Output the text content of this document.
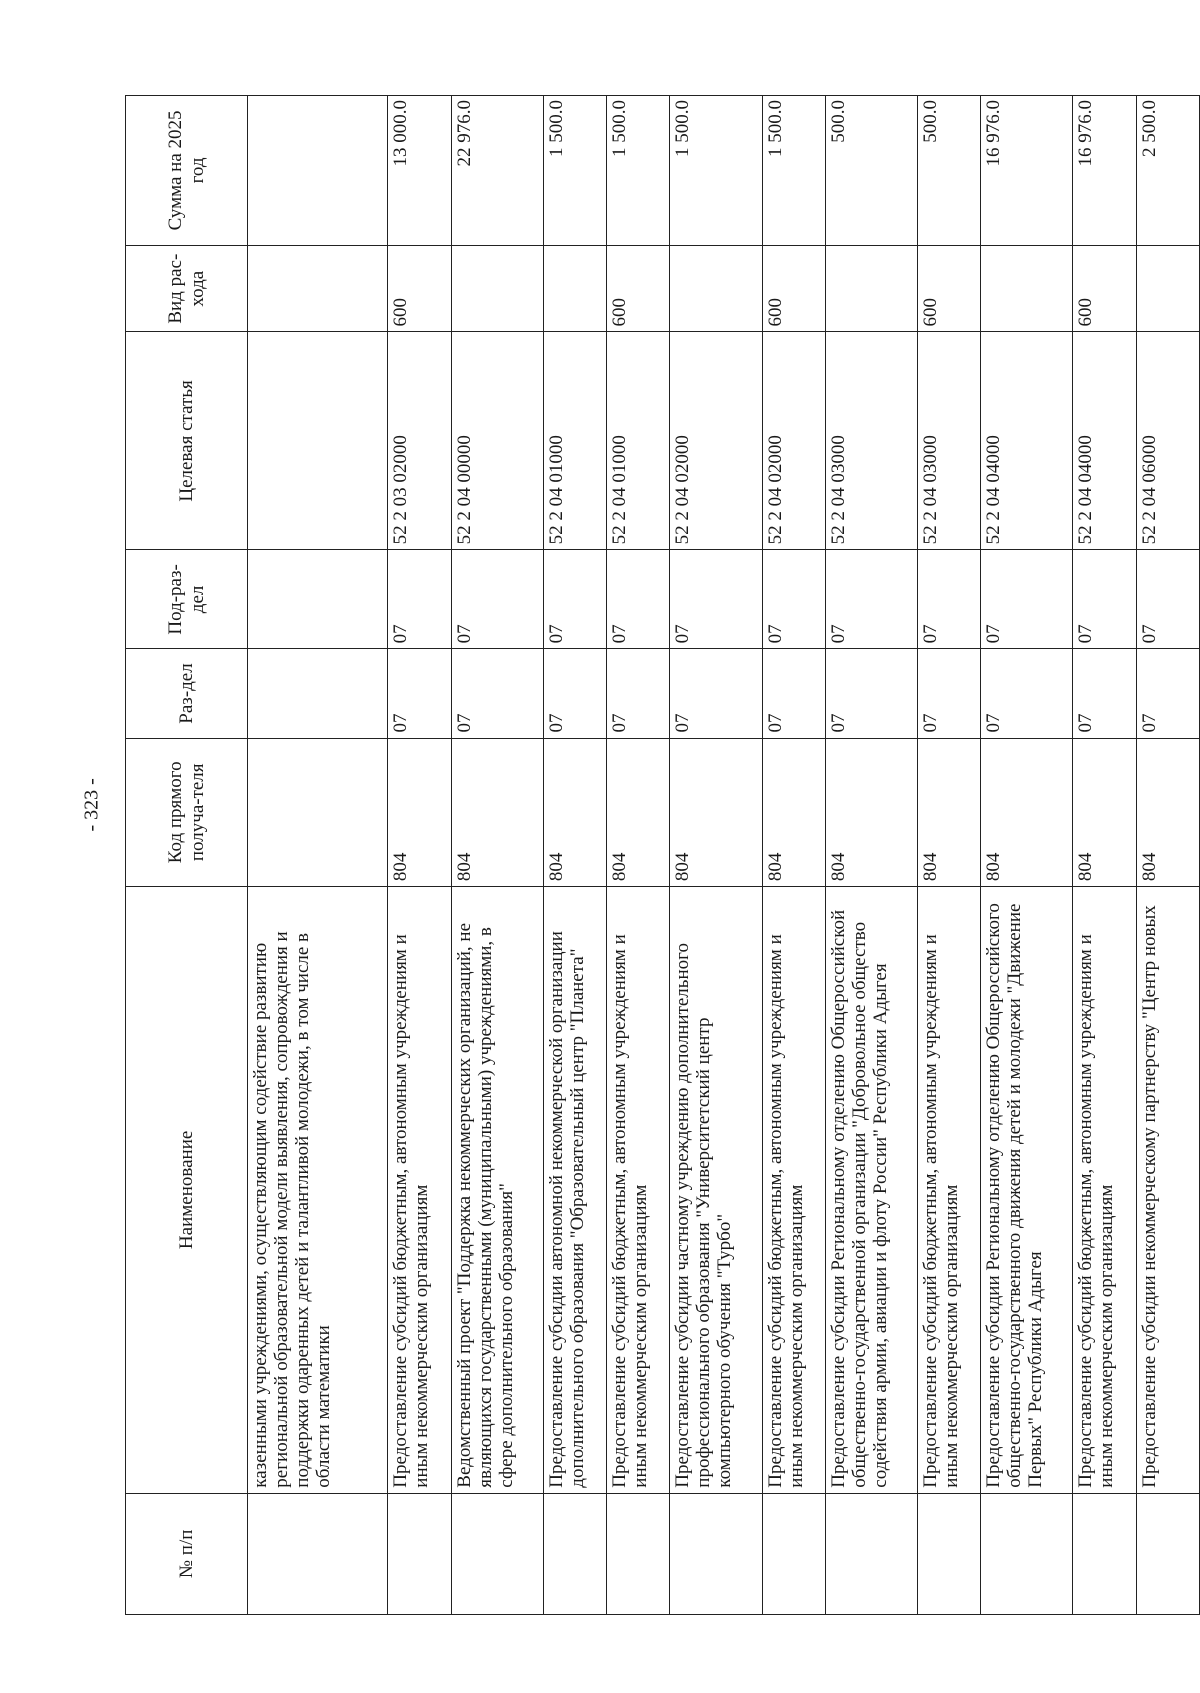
- 323 -
№ п/п	Наименование	Код прямого получа-теля	Раз-дел	Под-раз-дел	Целевая статья	Вид рас-хода	Сумма на 2025 год
	казенными учреждениями, осуществляющим содействие развитию региональной образовательной модели выявления, сопровождения и поддержки одаренных детей и талантливой молодежи, в том числе в области математики						
	Предоставление субсидий бюджетным, автономным учреждениям и иным некоммерческим организациям	804	07	07	52 2 03 02000	600	13 000.0
	Ведомственный проект "Поддержка некоммерческих организаций, не являющихся государственными (муниципальными) учреждениями, в сфере дополнительного образования"	804	07	07	52 2 04 00000		22 976.0
	Предоставление субсидии автономной некоммерческой организации дополнительного образования "Образовательный центр "Планета"	804	07	07	52 2 04 01000		1 500.0
	Предоставление субсидий бюджетным, автономным учреждениям и иным некоммерческим организациям	804	07	07	52 2 04 01000	600	1 500.0
	Предоставление субсидии частному учреждению дополнительного профессионального образования "Университетский центр компьютерного обучения "Турбо"	804	07	07	52 2 04 02000		1 500.0
	Предоставление субсидий бюджетным, автономным учреждениям и иным некоммерческим организациям	804	07	07	52 2 04 02000	600	1 500.0
	Предоставление субсидии Региональному отделению Общероссийской общественно-государственной организации "Добровольное общество содействия армии, авиации и флоту России" Республики Адыгея	804	07	07	52 2 04 03000		500.0
	Предоставление субсидий бюджетным, автономным учреждениям и иным некоммерческим организациям	804	07	07	52 2 04 03000	600	500.0
	Предоставление субсидии Региональному отделению Общероссийского общественно-государственного движения детей и молодежи "Движение Первых" Республики Адыгея	804	07	07	52 2 04 04000		16 976.0
	Предоставление субсидий бюджетным, автономным учреждениям и иным некоммерческим организациям	804	07	07	52 2 04 04000	600	16 976.0
	Предоставление субсидии некоммерческому партнерству "Центр новых	804	07	07	52 2 04 06000		2 500.0
